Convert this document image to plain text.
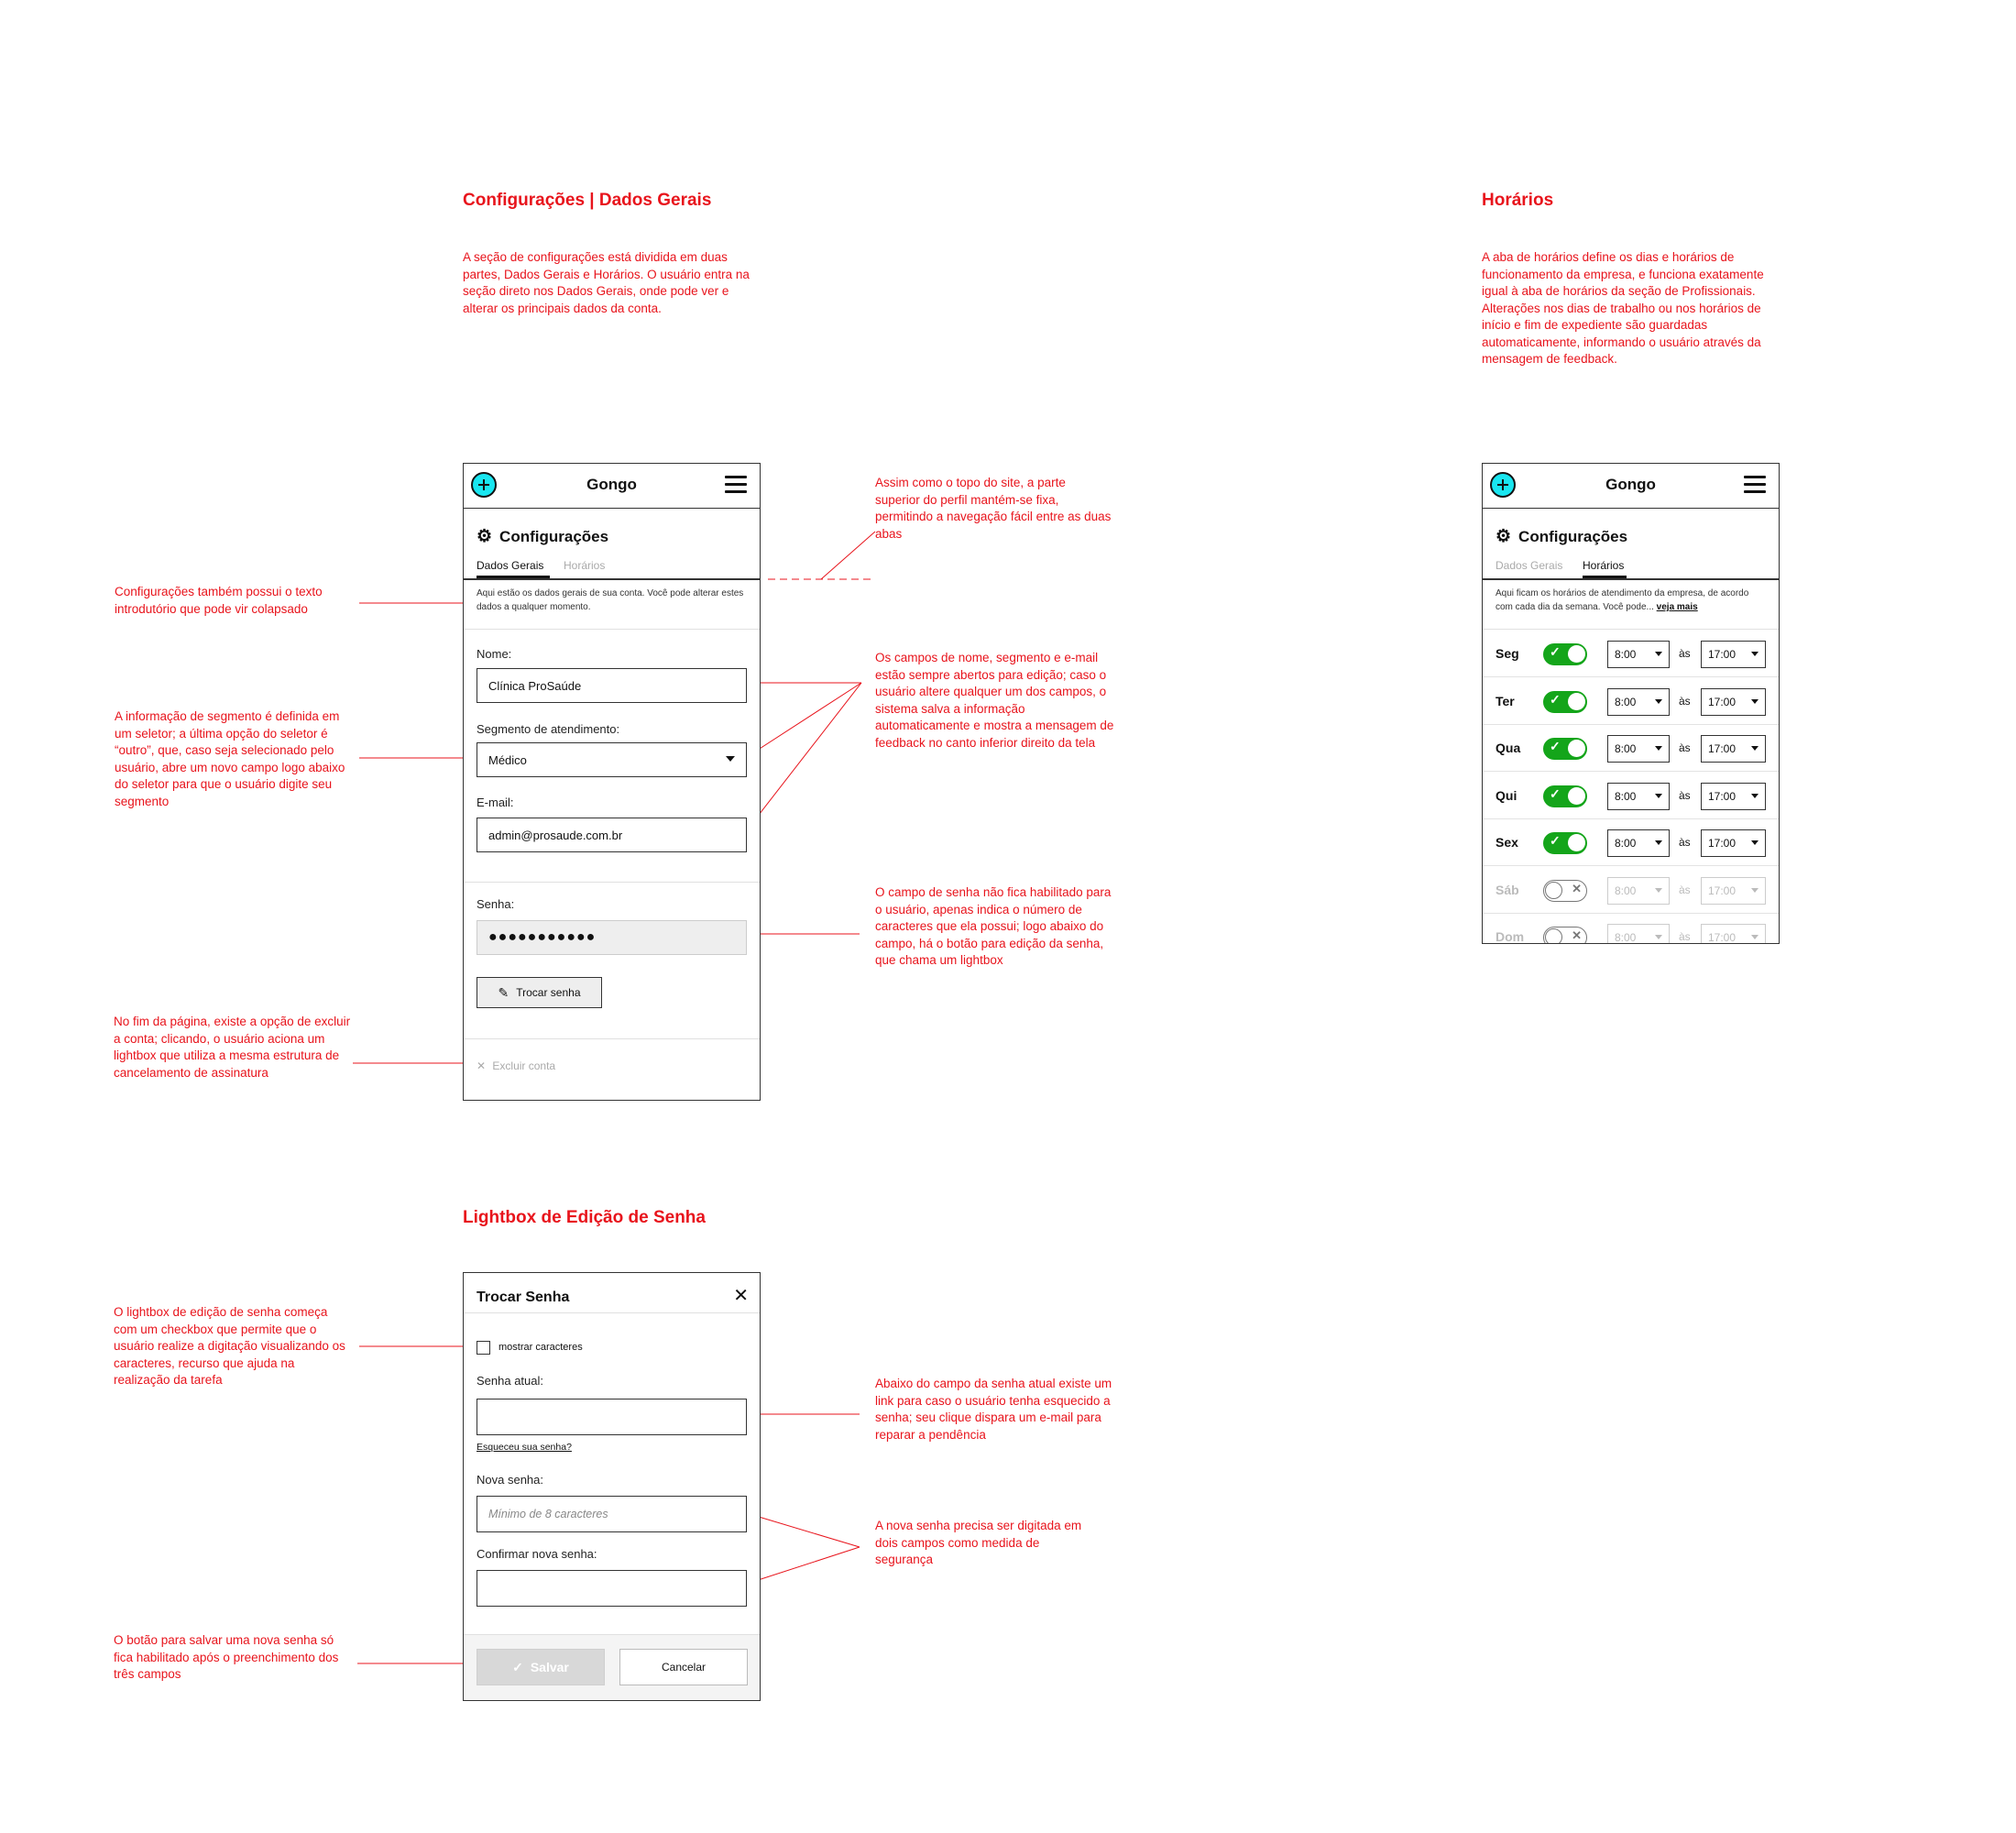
Configurações | Dados Gerais
A seção de configurações está dividida em duas partes, Dados Gerais e Horários. O usuário entra na seção direto nos Dados Gerais, onde pode ver e alterar os principais dados da conta.
Horários
A aba de horários define os dias e horários de funcionamento da empresa, e funciona exatamente igual à aba de horários da seção de Profissionais. Alterações nos dias de trabalho ou nos horários de início e fim de expediente são guardadas automaticamente, informando o usuário através da mensagem de feedback.
Lightbox de Edição de Senha
Assim como o topo do site, a parte superior do perfil mantém-se fixa, permitindo a navegação fácil entre as duas abas
Configurações também possui o texto introdutório que pode vir colapsado
Os campos de nome, segmento e e-mail estão sempre abertos para edição; caso o usuário altere qualquer um dos campos, o sistema salva a informação automaticamente e mostra a mensagem de feedback no canto inferior direito da tela
A informação de segmento é definida em um seletor; a última opção do seletor é “outro”, que, caso seja selecionado pelo usuário, abre um novo campo logo abaixo do seletor para que o usuário digite seu segmento
O campo de senha não fica habilitado para o usuário, apenas indica o número de caracteres que ela possui; logo abaixo do campo, há o botão para edição da senha, que chama um lightbox
No fim da página, existe a opção de excluir a conta; clicando, o usuário aciona um lightbox que utiliza a mesma estrutura de cancelamento de assinatura
O lightbox de edição de senha começa com um checkbox que permite que o usuário realize a digitação visualizando os caracteres, recurso que ajuda na realização da tarefa	Abaixo do campo da senha atual existe um link para caso o usuário tenha esquecido a senha; seu clique dispara um e-mail para reparar a pendência
A nova senha precisa ser digitada em dois campos como medida de segurança
O botão para salvar uma nova senha só fica habilitado após o preenchimento dos três campos
Gongo
⚙ Configurações
Dados Gerais Horários
Aqui estão os dados gerais de sua conta. Você pode alterar estes dados a qualquer momento.
Nome:
Clínica ProSaúde
Segmento de atendimento:
Médico
E-mail:
admin@prosaude.com.br
Senha:
●●●●●●●●●●●
✎ Trocar senha
✕ Excluir conta
Gongo
⚙ Configurações
Dados Gerais Horários
Aqui ficam os horários de atendimento da empresa, de acordo com cada dia da semana. Você pode... veja mais
Seg ✓	8:00	às 17:00
Ter	✓	8:00	às 17:00
Qua ✓	8:00	às 17:00
Qui	✓	8:00	às 17:00
Sex ✓	8:00	às 17:00
Sáb	✕	8:00	às 17:00
Dom	✕	8:00	às 17:00
Trocar Senha	✕
mostrar caracteres
Senha atual:
Esqueceu sua senha?
Nova senha:
Mínimo de 8 caracteres
Confirmar nova senha:
✓ Salvar	Cancelar
